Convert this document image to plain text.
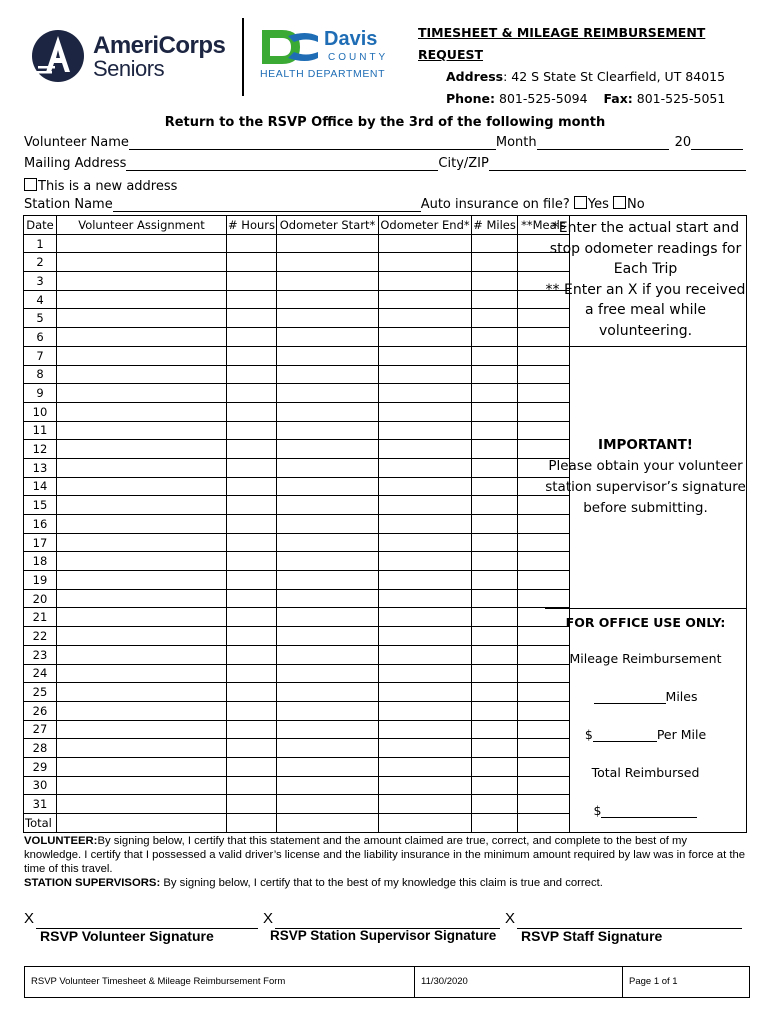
AmeriCorps
Seniors
Davis
COUNTY
HEALTH DEPARTMENT
TIMESHEET & MILEAGE REIMBURSEMENT REQUEST
Address: 42 S State St Clearfield, UT 84015
Phone: 801-525-5094 Fax: 801-525-5051
Return to the RSVP Office by the 3rd of the following month
Volunteer Name	Month	20
Mailing Address	City/ZIP
This is a new address
Station Name	Auto insurance on file? Yes No
Date	Volunteer Assignment	# Hours	Odometer Start*	Odometer End*	# Miles	**Meals
1						
2						
3						
4						
5						
6						
7						
8						
9						
10						
11						
12						
13						
14						
15						
16						
17						
18						
19						
20						
21						
22						
23						
24						
25						
26						
27						
28						
29						
30						
31						
Total						
*Enter the actual start and
stop odometer readings for
Each Trip
** Enter an X if you received
a free meal while
volunteering.
IMPORTANT!
Please obtain your volunteer
station supervisor’s signature
before submitting.
FOR OFFICE USE ONLY:
Mileage Reimbursement
Miles
$	Per Mile
Total Reimbursed
$
VOLUNTEER:By signing below, I certify that this statement and the amount claimed are true, correct, and complete to the best of my knowledge. I certify that I possessed a valid driver’s license and the liability insurance in the minimum amount required by law was in force at the time of this travel.
STATION SUPERVISORS: By signing below, I certify that to the best of my knowledge this claim is true and correct.
X
RSVP Volunteer Signature
X
RSVP Station Supervisor Signature
X
RSVP Staff Signature
RSVP Volunteer Timesheet & Mileage Reimbursement Form	11/30/2020	Page 1 of 1
